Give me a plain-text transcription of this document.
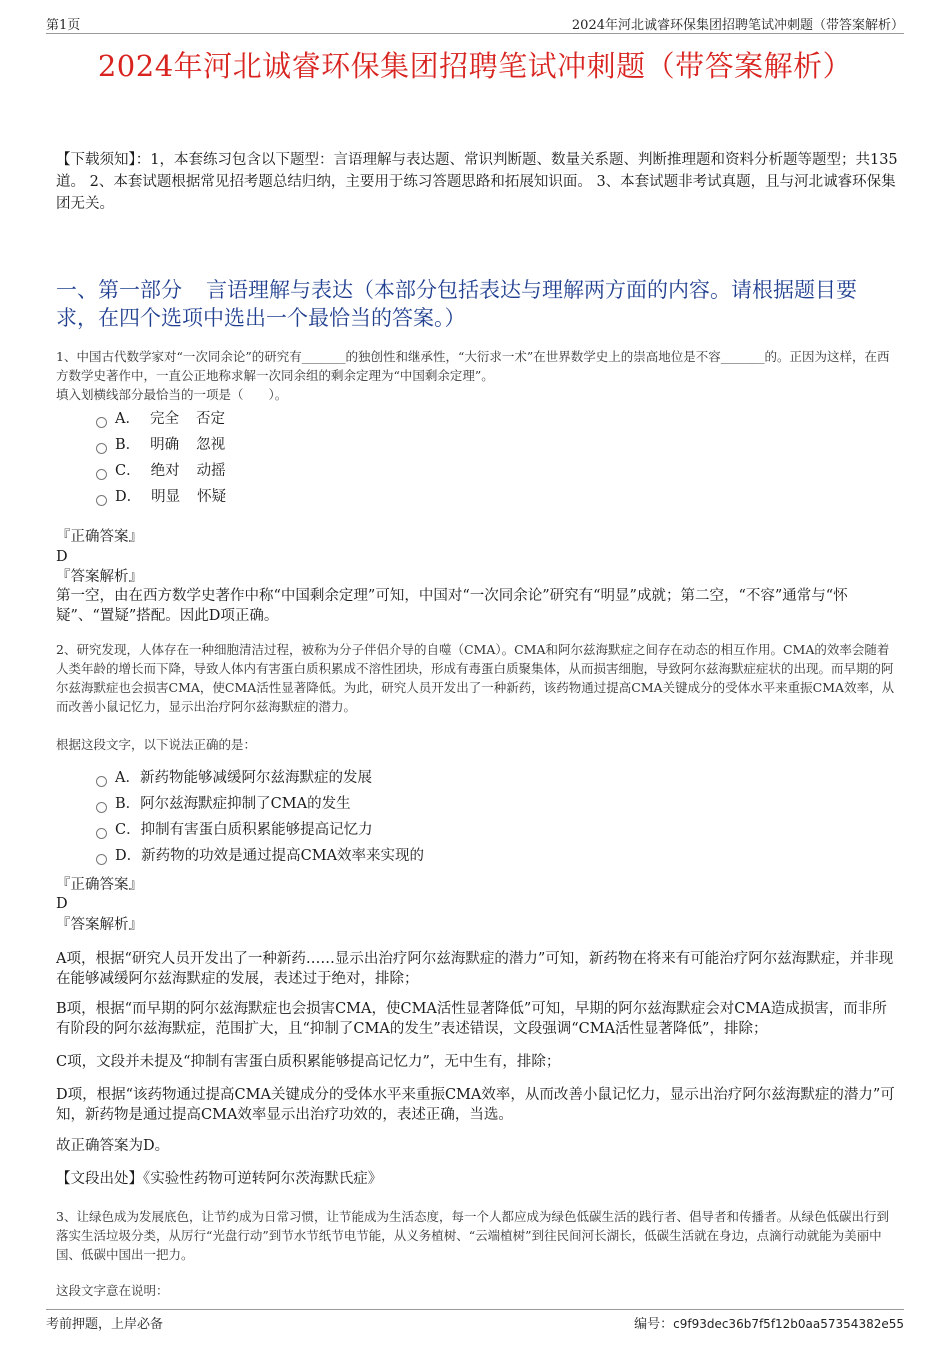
第1页	2024年河北诚睿环保集团招聘笔试冲刺题（带答案解析）
2024年河北诚睿环保集团招聘笔试冲刺题（带答案解析）
【下载须知】：1，本套练习包含以下题型：言语理解与表达题、常识判断题、数量关系题、判断推理题和资料分析题等题型；共135道。 2、本套试题根据常见招考题总结归纳，主要用于练习答题思路和拓展知识面。 3、本套试题非考试真题，且与河北诚睿环保集团无关。
一、第一部分 言语理解与表达（本部分包括表达与理解两方面的内容。请根据题目要求，在四个选项中选出一个最恰当的答案。）
1、中国古代数学家对“一次同余论”的研究有_______的独创性和继承性，“大衍求一术”在世界数学史上的崇高地位是不容_______的。正因为这样，在西方数学史著作中，一直公正地称求解一次同余组的剩余定理为“中国剩余定理”。
填入划横线部分最恰当的一项是（　　）。
A． 完全	否定
B． 明确	忽视
C． 绝对	动摇
D． 明显	怀疑
『正确答案』
D
『答案解析』
第一空，由在西方数学史著作中称“中国剩余定理”可知，中国对“一次同余论”研究有“明显”成就；第二空，“不容”通常与“怀疑”、“置疑”搭配。因此D项正确。
2、研究发现，人体存在一种细胞清洁过程，被称为分子伴侣介导的自噬（CMA）。CMA和阿尔兹海默症之间存在动态的相互作用。CMA的效率会随着人类年龄的增长而下降，导致人体内有害蛋白质积累成不溶性团块，形成有毒蛋白质聚集体，从而损害细胞，导致阿尔兹海默症症状的出现。而早期的阿尔兹海默症也会损害CMA，使CMA活性显著降低。为此，研究人员开发出了一种新药，该药物通过提高CMA关键成分的受体水平来重振CMA效率，从而改善小鼠记忆力，显示出治疗阿尔兹海默症的潜力。
根据这段文字，以下说法正确的是：
A． 新药物能够减缓阿尔兹海默症的发展
B． 阿尔兹海默症抑制了CMA的发生
C． 抑制有害蛋白质积累能够提高记忆力
D． 新药物的功效是通过提高CMA效率来实现的
『正确答案』
D
『答案解析』
A项，根据“研究人员开发出了一种新药……显示出治疗阿尔兹海默症的潜力”可知，新药物在将来有可能治疗阿尔兹海默症，并非现在能够减缓阿尔兹海默症的发展，表述过于绝对，排除；
B项，根据“而早期的阿尔兹海默症也会损害CMA，使CMA活性显著降低”可知，早期的阿尔兹海默症会对CMA造成损害，而非所有阶段的阿尔兹海默症，范围扩大，且“抑制了CMA的发生”表述错误，文段强调“CMA活性显著降低”，排除；
C项，文段并未提及“抑制有害蛋白质积累能够提高记忆力”，无中生有，排除；
D项，根据“该药物通过提高CMA关键成分的受体水平来重振CMA效率，从而改善小鼠记忆力，显示出治疗阿尔兹海默症的潜力”可知，新药物是通过提高CMA效率显示出治疗功效的，表述正确，当选。
故正确答案为D。
【文段出处】《实验性药物可逆转阿尔茨海默氏症》
3、让绿色成为发展底色，让节约成为日常习惯，让节能成为生活态度，每一个人都应成为绿色低碳生活的践行者、倡导者和传播者。从绿色低碳出行到落实生活垃圾分类，从厉行“光盘行动”到节水节纸节电节能，从义务植树、“云端植树”到往民间河长湖长，低碳生活就在身边，点滴行动就能为美丽中国、低碳中国出一把力。
这段文字意在说明：
考前押题，上岸必备	编号：c9f93dec36b7f5f12b0aa57354382e55
